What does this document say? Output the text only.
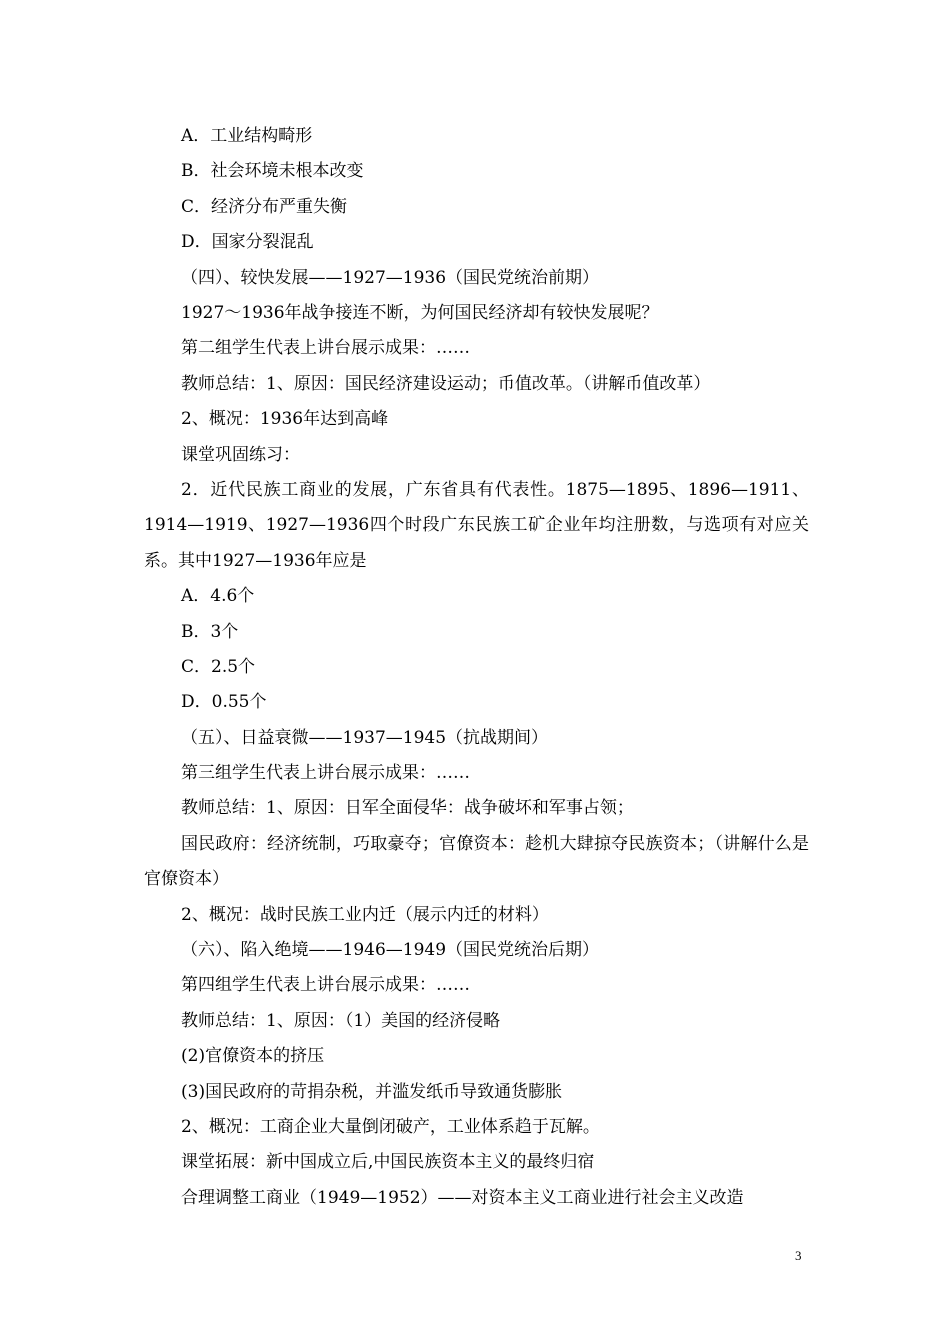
A．工业结构畸形
B．社会环境未根本改变
C．经济分布严重失衡
D．国家分裂混乱
（四）、较快发展——1927—1936（国民党统治前期）
1927～1936年战争接连不断，为何国民经济却有较快发展呢？
第二组学生代表上讲台展示成果：……
教师总结：1、原因：国民经济建设运动；币值改革。（讲解币值改革）
2、概况：1936年达到高峰
课堂巩固练习：
2．近代民族工商业的发展，广东省具有代表性。1875—1895、1896—1911、1914—1919、1927—1936四个时段广东民族工矿企业年均注册数，与选项有对应关系。其中1927—1936年应是
A．4.6个
B．3个
C．2.5个
D．0.55个
（五）、日益衰微——1937—1945（抗战期间）
第三组学生代表上讲台展示成果：……
教师总结：1、原因：日军全面侵华：战争破坏和军事占领；
国民政府：经济统制，巧取豪夺；官僚资本：趁机大肆掠夺民族资本；（讲解什么是官僚资本）
2、概况：战时民族工业内迁（展示内迁的材料）
（六）、陷入绝境——1946—1949（国民党统治后期）
第四组学生代表上讲台展示成果：……
教师总结：1、原因：（1）美国的经济侵略
(2)官僚资本的挤压
(3)国民政府的苛捐杂税，并滥发纸币导致通货膨胀
2、概况：工商企业大量倒闭破产，工业体系趋于瓦解。
课堂拓展：新中国成立后,中国民族资本主义的最终归宿
合理调整工商业（1949—1952）——对资本主义工商业进行社会主义改造
3
